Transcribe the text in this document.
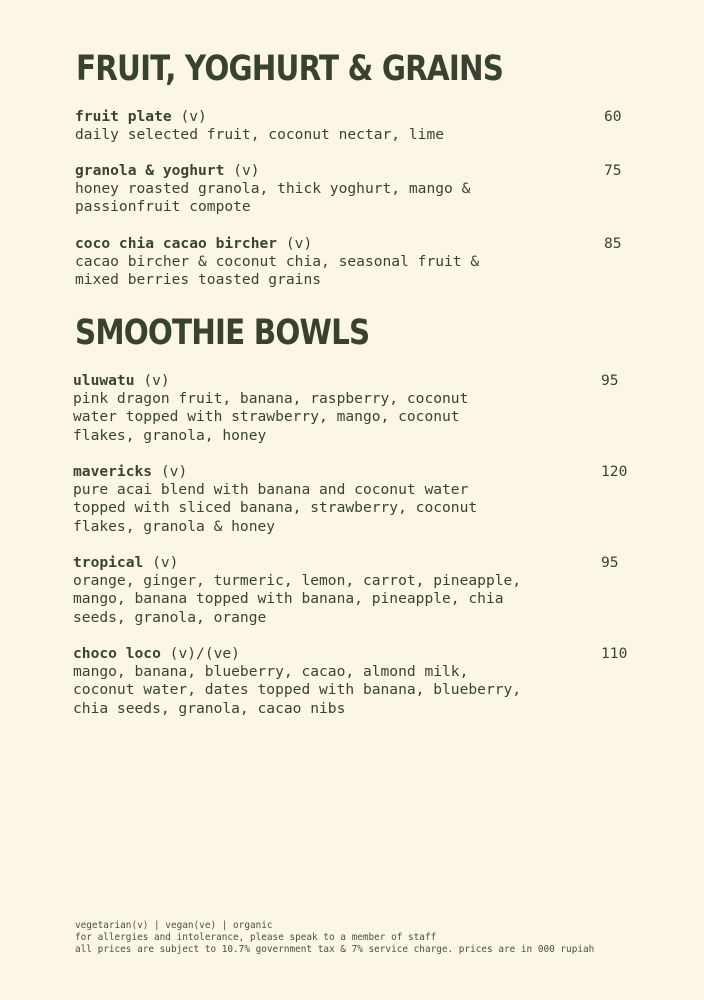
FRUIT, YOGHURT & GRAINS
fruit plate (v)
daily selected fruit, coconut nectar, lime
60
granola & yoghurt (v)
honey roasted granola, thick yoghurt, mango &
passionfruit compote
75
coco chia cacao bircher (v)
cacao bircher & coconut chia, seasonal fruit &
mixed berries toasted grains
85
SMOOTHIE BOWLS
uluwatu (v)
pink dragon fruit, banana, raspberry, coconut
water topped with strawberry, mango, coconut
flakes, granola, honey
95
mavericks (v)
pure acai blend with banana and coconut water
topped with sliced banana, strawberry, coconut
flakes, granola & honey
120
tropical (v)
orange, ginger, turmeric, lemon, carrot, pineapple,
mango, banana topped with banana, pineapple, chia
seeds, granola, orange
95
choco loco (v)/(ve)
mango, banana, blueberry, cacao, almond milk,
coconut water, dates topped with banana, blueberry,
chia seeds, granola, cacao nibs
110
vegetarian(v) | vegan(ve) | organic
for allergies and intolerance, please speak to a member of staff
all prices are subject to 10.7% government tax & 7% service charge. prices are in 000 rupiah
